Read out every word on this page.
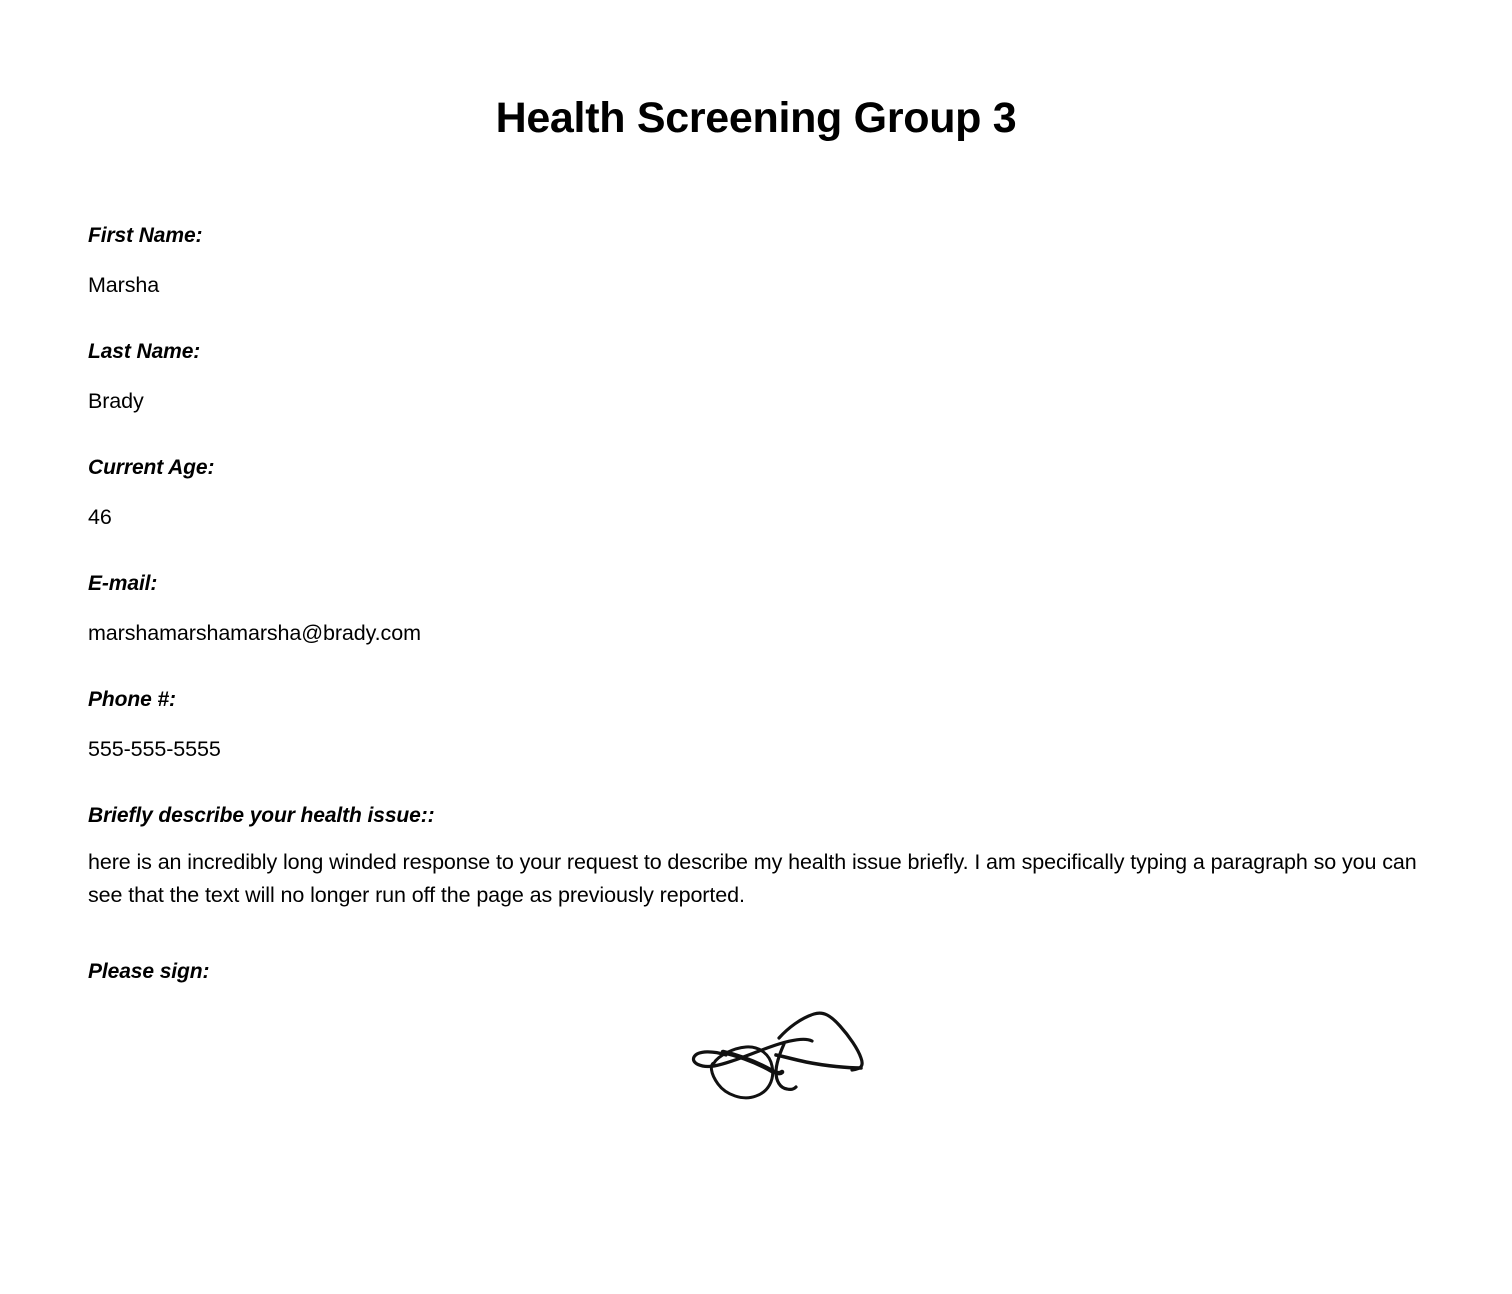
Health Screening Group 3
First Name:
Marsha
Last Name:
Brady
Current Age:
46
E-mail:
marshamarshamarsha@brady.com
Phone #:
555-555-5555
Briefly describe your health issue::
here is an incredibly long winded response to your request to describe my health issue briefly. I am specifically typing a paragraph so you can see that the text will no longer run off the page as previously reported.
Please sign:
